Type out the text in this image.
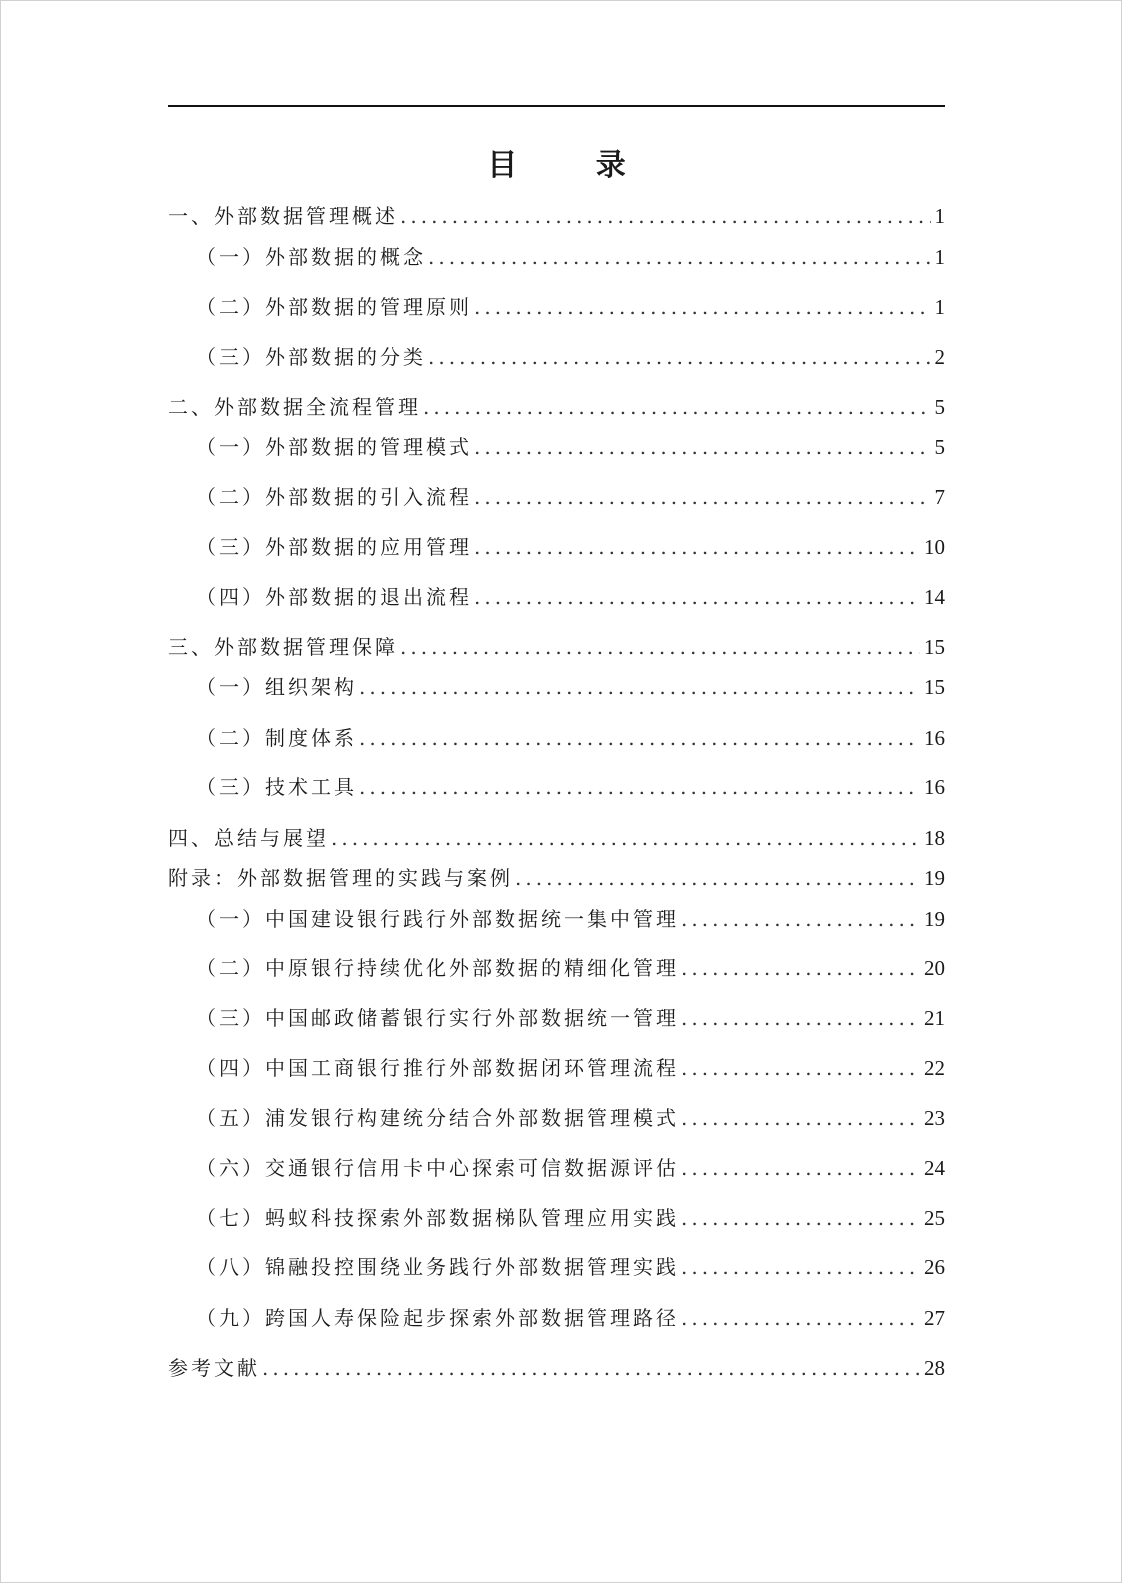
目 录
一、外部数据管理概述 .....	1
（一）外部数据的概念 .....	1
（二）外部数据的管理原则 .....	1
（三）外部数据的分类 .....	2
二、外部数据全流程管理 .....	5
（一）外部数据的管理模式 .....	5
（二）外部数据的引入流程 .....	7
（三）外部数据的应用管理 .....	10
（四）外部数据的退出流程 .....	14
三、外部数据管理保障 .....	15
（一）组织架构 .....	15
（二）制度体系 .....	16
（三）技术工具 .....	16
四、总结与展望 .....	18
附录：外部数据管理的实践与案例 .....	19
（一）中国建设银行践行外部数据统一集中管理 .....	19
（二）中原银行持续优化外部数据的精细化管理 .....	20
（三）中国邮政储蓄银行实行外部数据统一管理 .....	21
（四）中国工商银行推行外部数据闭环管理流程 .....	22
（五）浦发银行构建统分结合外部数据管理模式 .....	23
（六）交通银行信用卡中心探索可信数据源评估 .....	24
（七）蚂蚁科技探索外部数据梯队管理应用实践 .....	25
（八）锦融投控围绕业务践行外部数据管理实践 .....	26
（九）跨国人寿保险起步探索外部数据管理路径 .....	27
参考文献 .....	28
